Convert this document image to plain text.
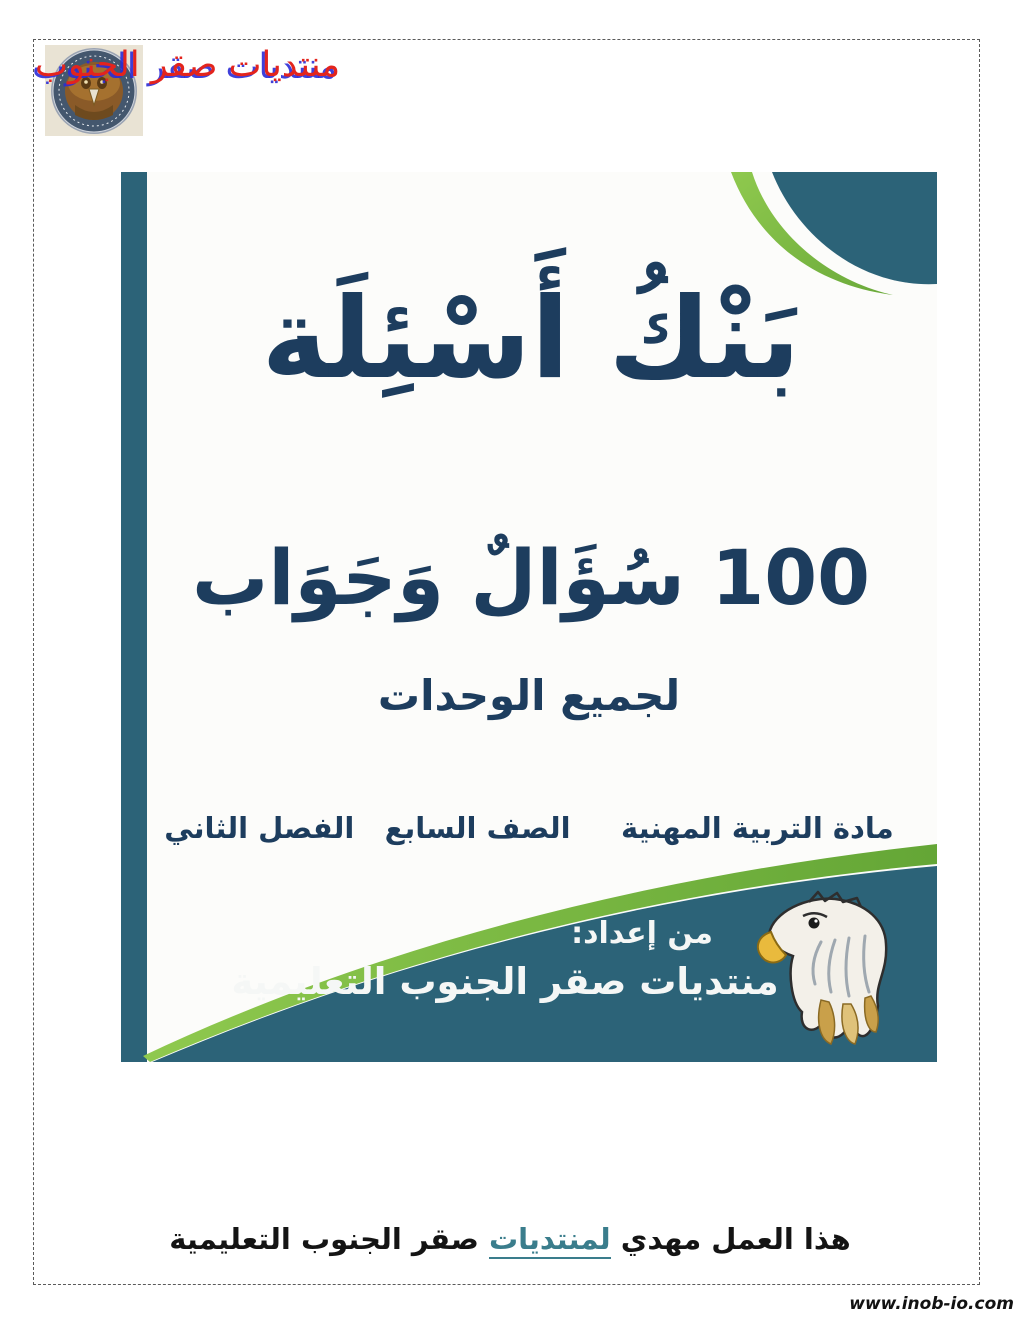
منتديات صقر الجنوب
بَنْكُ أَسْئِلَة
100 سُؤَالٌ وَجَوَاب
لجميع الوحدات
مادة التربية المهنية     الصف السابع   الفصل الثاني
من إعداد:
منتديات صقر الجنوب التعليمية
هذا العمل مهدي لمنتديات صقر الجنوب التعليمية
www.inob-io.com
